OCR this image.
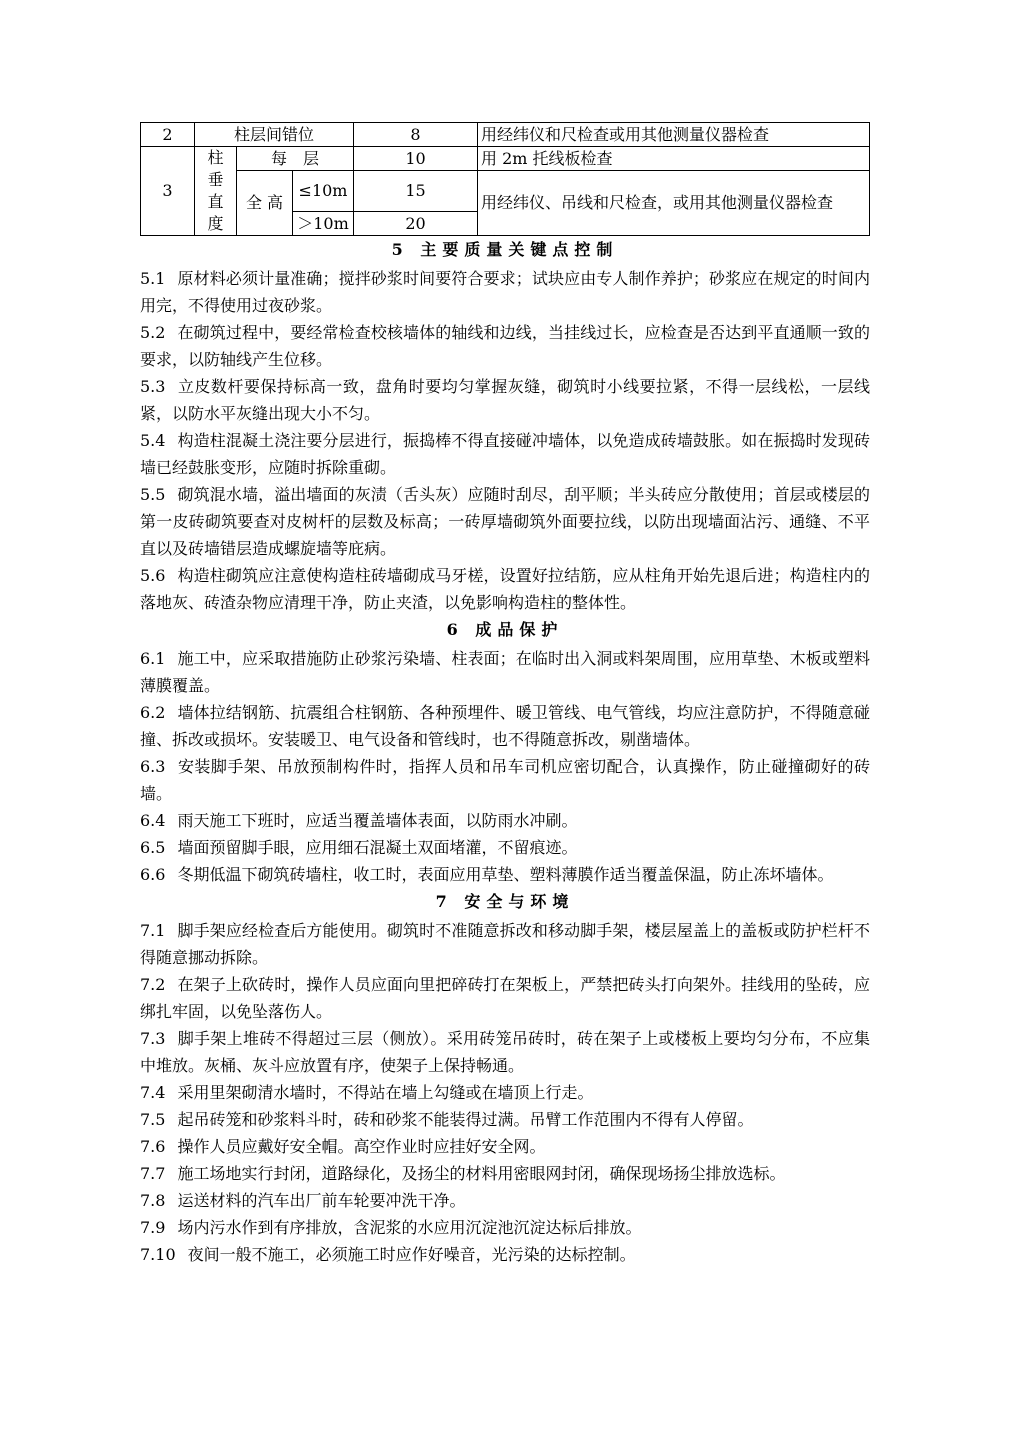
2	柱层间错位			8	用经纬仪和尺检查或用其他测量仪器检查
3	柱
垂
直
度	每　层		10	用 2m 托线板检查
		全 高	≤10m	15	用经纬仪、吊线和尺检查，或用其他测量仪器检查
			＞10m	20	
5 主要质量关键点控制

5.1 原材料必须计量准确；搅拌砂浆时间要符合要求；试块应由专人制作养护；砂浆应在规定的时间内用完，不得使用过夜砂浆。

5.2 在砌筑过程中，要经常检查校核墙体的轴线和边线，当挂线过长，应检查是否达到平直通顺一致的要求，以防轴线产生位移。

5.3 立皮数杆要保持标高一致，盘角时要均匀掌握灰缝，砌筑时小线要拉紧，不得一层线松，一层线紧，以防水平灰缝出现大小不匀。

5.4 构造柱混凝土浇注要分层进行，振捣棒不得直接碰冲墙体，以免造成砖墙鼓胀。如在振捣时发现砖墙已经鼓胀变形，应随时拆除重砌。

5.5 砌筑混水墙，溢出墙面的灰渍（舌头灰）应随时刮尽，刮平顺；半头砖应分散使用；首层或楼层的第一皮砖砌筑要查对皮树杆的层数及标高；一砖厚墙砌筑外面要拉线，以防出现墙面沾污、通缝、不平直以及砖墙错层造成螺旋墙等庇病。

5.6 构造柱砌筑应注意使构造柱砖墙砌成马牙槎，设置好拉结筋，应从柱角开始先退后进；构造柱内的落地灰、砖渣杂物应清理干净，防止夹渣，以免影响构造柱的整体性。

6 成品保护

6.1 施工中，应采取措施防止砂浆污染墙、柱表面；在临时出入洞或料架周围，应用草垫、木板或塑料薄膜覆盖。

6.2 墙体拉结钢筋、抗震组合柱钢筋、各种预埋件、暖卫管线、电气管线，均应注意防护，不得随意碰撞、拆改或损坏。安装暖卫、电气设备和管线时，也不得随意拆改，剔凿墙体。

6.3 安装脚手架、吊放预制构件时，指挥人员和吊车司机应密切配合，认真操作，防止碰撞砌好的砖墙。

6.4 雨天施工下班时，应适当覆盖墙体表面，以防雨水冲刷。

6.5 墙面预留脚手眼，应用细石混凝土双面堵灌，不留痕迹。

6.6 冬期低温下砌筑砖墙柱，收工时，表面应用草垫、塑料薄膜作适当覆盖保温，防止冻坏墙体。

7 安全与环境

7.1 脚手架应经检查后方能使用。砌筑时不准随意拆改和移动脚手架，楼层屋盖上的盖板或防护栏杆不得随意挪动拆除。

7.2 在架子上砍砖时，操作人员应面向里把碎砖打在架板上，严禁把砖头打向架外。挂线用的坠砖，应绑扎牢固，以免坠落伤人。

7.3 脚手架上堆砖不得超过三层（侧放）。采用砖笼吊砖时，砖在架子上或楼板上要均匀分布，不应集中堆放。灰桶、灰斗应放置有序，使架子上保持畅通。

7.4 采用里架砌清水墙时，不得站在墙上勾缝或在墙顶上行走。

7.5 起吊砖笼和砂浆料斗时，砖和砂浆不能装得过满。吊臂工作范围内不得有人停留。

7.6 操作人员应戴好安全帽。高空作业时应挂好安全网。

7.7 施工场地实行封闭，道路绿化，及扬尘的材料用密眼网封闭，确保现场扬尘排放选标。

7.8 运送材料的汽车出厂前车轮要冲洗干净。

7.9 场内污水作到有序排放，含泥浆的水应用沉淀池沉淀达标后排放。

7.10 夜间一般不施工，必须施工时应作好噪音，光污染的达标控制。
